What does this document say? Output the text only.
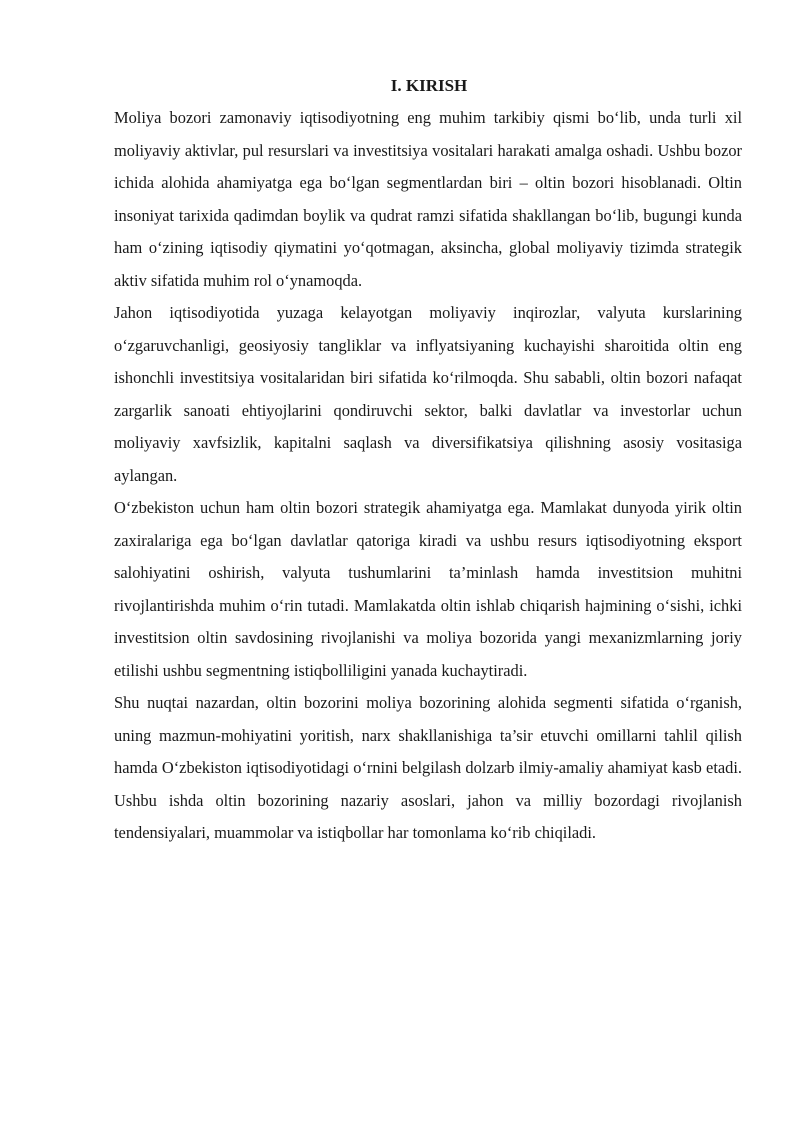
I. KIRISH

Moliya bozori zamonaviy iqtisodiyotning eng muhim tarkibiy qismi bo‘lib, unda turli xil moliyaviy aktivlar, pul resurslari va investitsiya vositalari harakati amalga oshadi. Ushbu bozor ichida alohida ahamiyatga ega bo‘lgan segmentlardan biri – oltin bozori hisoblanadi. Oltin insoniyat tarixida qadimdan boylik va qudrat ramzi sifatida shakllangan bo‘lib, bugungi kunda ham o‘zining iqtisodiy qiymatini yo‘qotmagan, aksincha, global moliyaviy tizimda strategik aktiv sifatida muhim rol o‘ynamoqda.

Jahon iqtisodiyotida yuzaga kelayotgan moliyaviy inqirozlar, valyuta kurslarining o‘zgaruvchanligi, geosiyosiy tangliklar va inflyatsiyaning kuchayishi sharoitida oltin eng ishonchli investitsiya vositalaridan biri sifatida ko‘rilmoqda. Shu sababli, oltin bozori nafaqat zargarlik sanoati ehtiyojlarini qondiruvchi sektor, balki davlatlar va investorlar uchun moliyaviy xavfsizlik, kapitalni saqlash va diversifikatsiya qilishning asosiy vositasiga aylangan.

O‘zbekiston uchun ham oltin bozori strategik ahamiyatga ega. Mamlakat dunyoda yirik oltin zaxiralariga ega bo‘lgan davlatlar qatoriga kiradi va ushbu resurs iqtisodiyotning eksport salohiyatini oshirish, valyuta tushumlarini ta’minlash hamda investitsion muhitni rivojlantirishda muhim o‘rin tutadi. Mamlakatda oltin ishlab chiqarish hajmining o‘sishi, ichki investitsion oltin savdosining rivojlanishi va moliya bozorida yangi mexanizmlarning joriy etilishi ushbu segmentning istiqbolliligini yanada kuchaytiradi.

Shu nuqtai nazardan, oltin bozorini moliya bozorining alohida segmenti sifatida o‘rganish, uning mazmun-mohiyatini yoritish, narx shakllanishiga ta’sir etuvchi omillarni tahlil qilish hamda O‘zbekiston iqtisodiyotidagi o‘rnini belgilash dolzarb ilmiy-amaliy ahamiyat kasb etadi. Ushbu ishda oltin bozorining nazariy asoslari, jahon va milliy bozordagi rivojlanish tendensiyalari, muammolar va istiqbollar har tomonlama ko‘rib chiqiladi.
